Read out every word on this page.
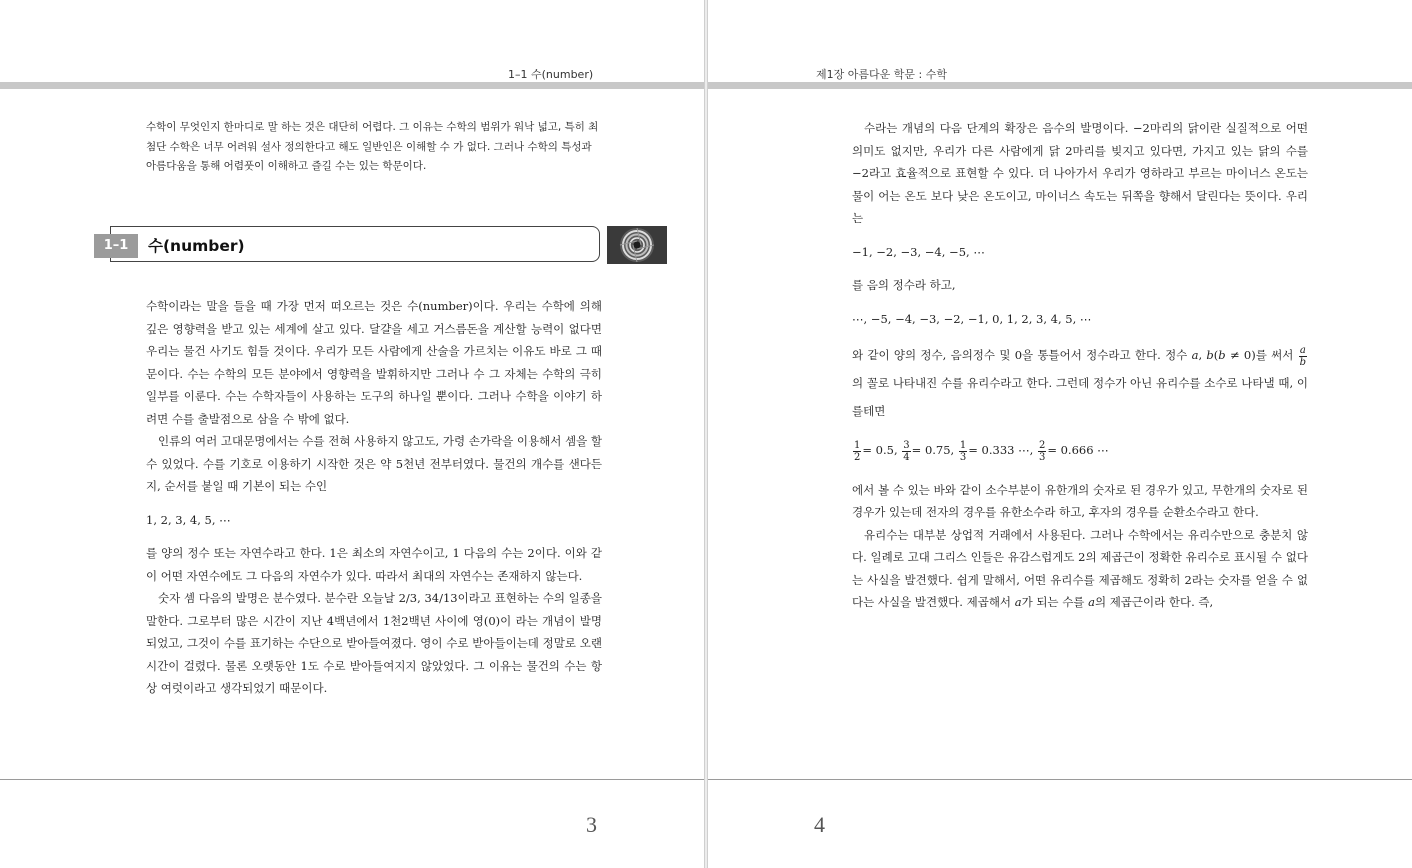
1–1 수(number)

수학이 무엇인지 한마디로 말 하는 것은 대단히 어렵다. 그 이유는 수학의 범위가 워낙 넓고, 특히 최첨단 수학은 너무 어려워 설사 정의한다고 해도 일반인은 이해할 수 가 없다. 그러나 수학의 특성과 아름다움을 통해 어렴풋이 이해하고 즐길 수는 있는 학문이다.

1–1	수(number)

수학이라는 말을 들을 때 가장 먼저 떠오르는 것은 수(number)이다. 우리는 수학에 의해 깊은 영향력을 받고 있는 세계에 살고 있다. 달걀을 세고 거스름돈을 계산할 능력이 없다면 우리는 물건 사기도 힘들 것이다. 우리가 모든 사람에게 산술을 가르치는 이유도 바로 그 때문이다. 수는 수학의 모든 분야에서 영향력을 발휘하지만 그러나 수 그 자체는 수학의 극히 일부를 이룬다. 수는 수학자들이 사용하는 도구의 하나일 뿐이다. 그러나 수학을 이야기 하려면 수를 출발점으로 삼을 수 밖에 없다.

인류의 여러 고대문명에서는 수를 전혀 사용하지 않고도, 가령 손가락을 이용해서 셈을 할 수 있었다. 수를 기호로 이용하기 시작한 것은 약 5천년 전부터였다. 물건의 개수를 샌다든지, 순서를 붙일 때 기본이 되는 수인

1, 2, 3, 4, 5, ⋯

를 양의 정수 또는 자연수라고 한다. 1은 최소의 자연수이고, 1 다음의 수는 2이다. 이와 같이 어떤 자연수에도 그 다음의 자연수가 있다. 따라서 최대의 자연수는 존재하지 않는다.

숫자 셈 다음의 발명은 분수였다. 분수란 오늘날 2/3, 34/13이라고 표현하는 수의 일종을 말한다. 그로부터 많은 시간이 지난 4백년에서 1천2백년 사이에 영(0)이 라는 개념이 발명되었고, 그것이 수를 표기하는 수단으로 받아들여졌다. 영이 수로 받아들이는데 정말로 오랜 시간이 걸렸다. 물론 오랫동안 1도 수로 받아들여지지 않았었다. 그 이유는 물건의 수는 항상 여럿이라고 생각되었기 때문이다.

3
제1장 아름다운 학문 : 수학

수라는 개념의 다음 단계의 확장은 음수의 발명이다. −2마리의 닭이란 실질적으로 어떤 의미도 없지만, 우리가 다른 사람에게 닭 2마리를 빚지고 있다면, 가지고 있는 닭의 수를 −2라고 효율적으로 표현할 수 있다. 더 나아가서 우리가 영하라고 부르는 마이너스 온도는 물이 어는 온도 보다 낮은 온도이고, 마이너스 속도는 뒤쪽을 향해서 달린다는 뜻이다. 우리는

−1, −2, −3, −4, −5, ⋯

를 음의 정수라 하고,

⋯, −5, −4, −3, −2, −1, 0, 1, 2, 3, 4, 5, ⋯

와 같이 양의 정수, 음의정수 및 0을 통틀어서 정수라고 한다. 정수 a, b(b ≠ 0)를 써서 $\frac{a}{b}$
의 꼴로 나타내진 수를 유리수라고 한다. 그런데 정수가 아닌 유리수를 소수로 나타낼 때, 이를테면

$\frac{1}{2} = 0.5$, $\frac{3}{4} = 0.75$, $\frac{1}{3} = 0.333$ ⋯, $\frac{2}{3} = 0.666$ ⋯

에서 볼 수 있는 바와 같이 소수부분이 유한개의 숫자로 된 경우가 있고, 무한개의 숫자로 된 경우가 있는데 전자의 경우를 유한소수라 하고, 후자의 경우를 순환소수라고 한다.

유리수는 대부분 상업적 거래에서 사용된다. 그러나 수학에서는 유리수만으로 충분치 않다. 일례로 고대 그리스 인들은 유감스럽게도 2의 제곱근이 정확한 유리수로 표시될 수 없다는 사실을 발견했다. 쉽게 말해서, 어떤 유리수를 제곱해도 정확히 2라는 숫자를 얻을 수 없다는 사실을 발견했다. 제곱해서 a가 되는 수를 a의 제곱근이라 한다. 즉,

4
